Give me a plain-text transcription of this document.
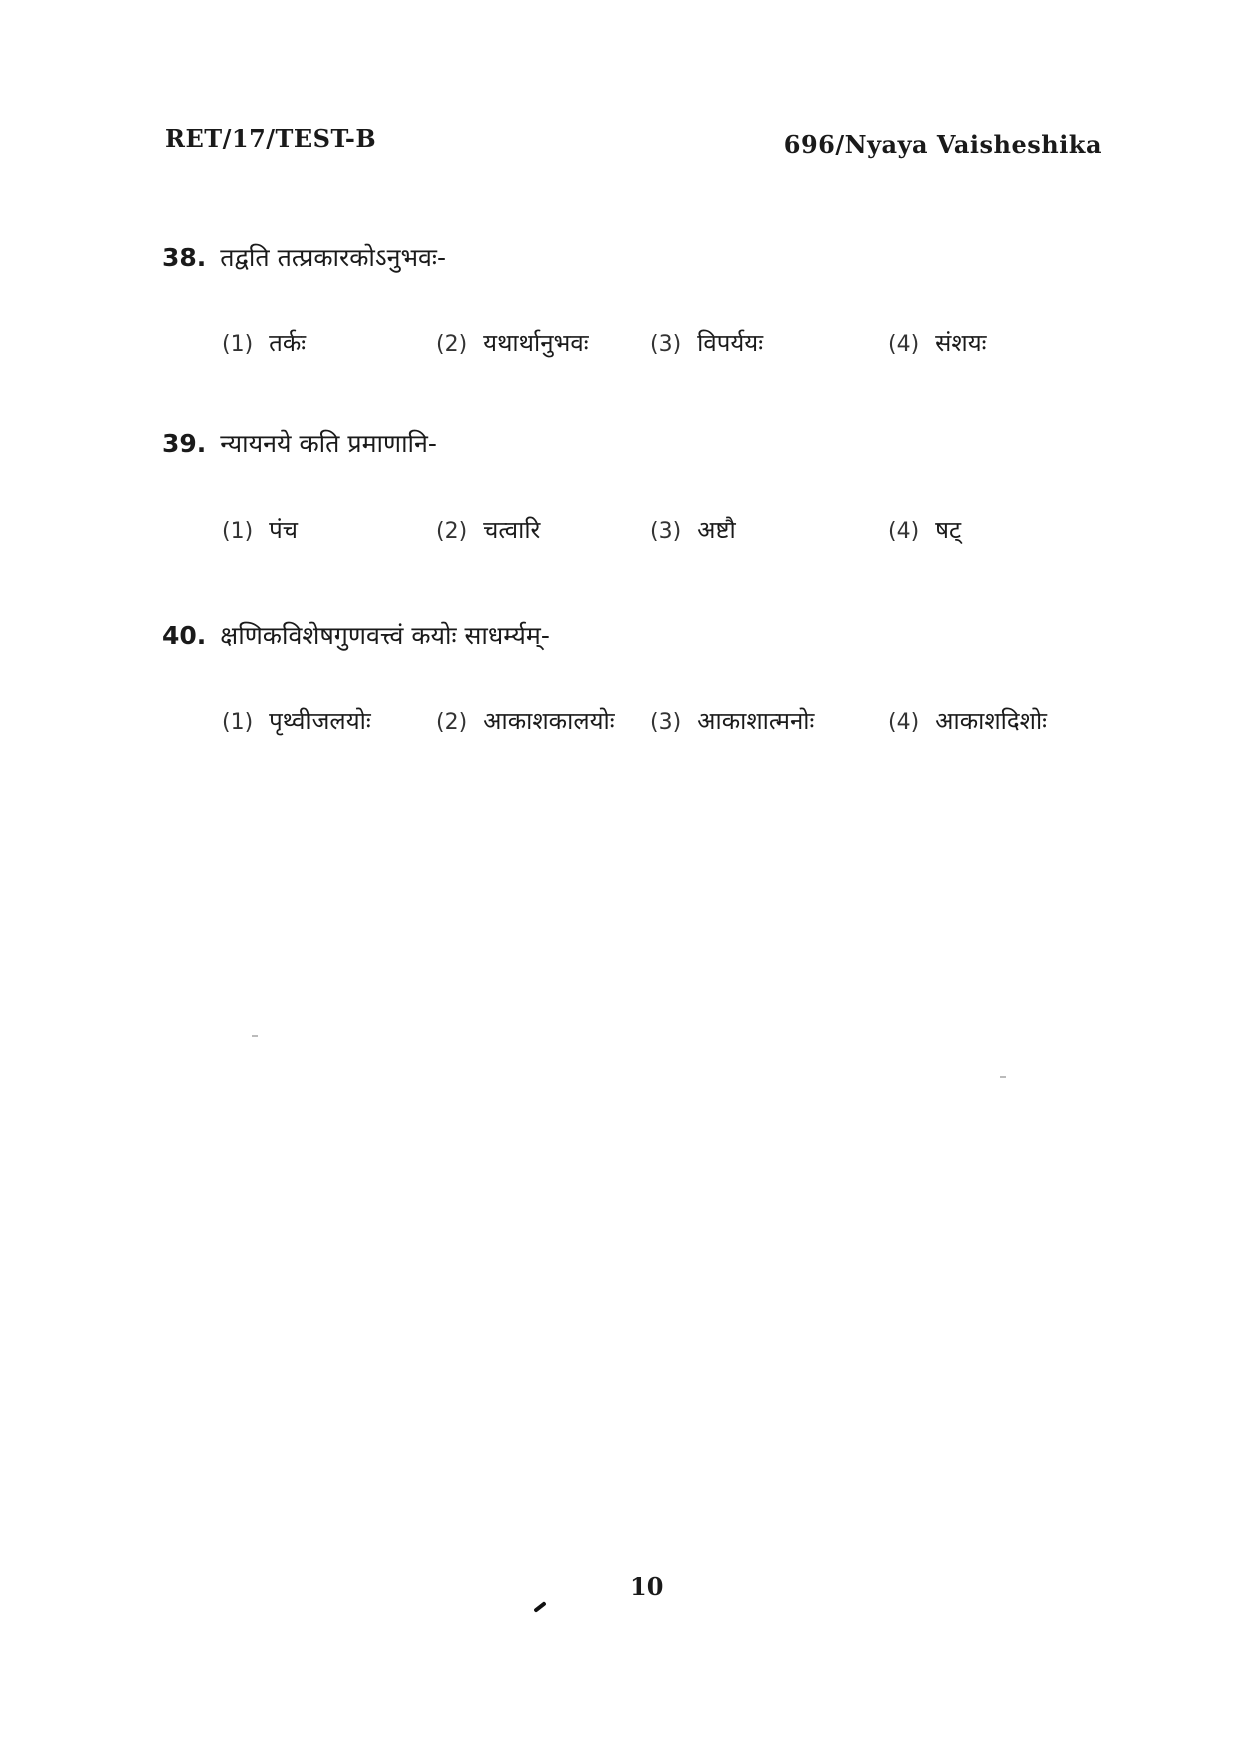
RET/17/TEST-B	696/Nyaya Vaisheshika
38. तद्वति तत्प्रकारकोऽनुभवः-
(1) तर्कः	(2) यथार्थानुभवः	(3) विपर्ययः	(4) संशयः
39. न्यायनये कति प्रमाणानि-
(1) पंच	(2) चत्वारि	(3) अष्टौ	(4) षट्
40. क्षणिकविशेषगुणवत्त्वं कयोः साधर्म्यम्-
(1) पृथ्वीजलयोः	(2) आकाशकालयोः (3) आकाशात्मनोः	(4) आकाशदिशोः
10
